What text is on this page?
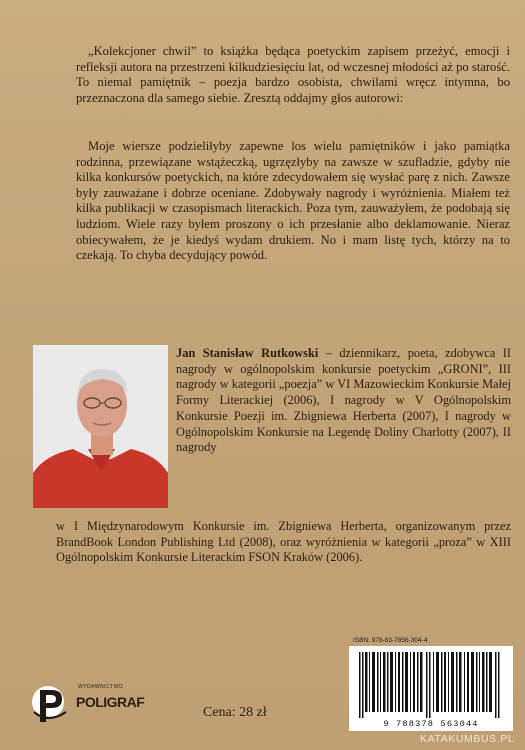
„Kolekcjoner chwil” to książka będąca poetyckim zapisem przeżyć, emocji i refleksji autora na przestrzeni kilkudziesięciu lat, od wczesnej młodości aż po starość. To niemal pamiętnik – poezja bardzo osobista, chwilami wręcz intymna, bo przeznaczona dla samego siebie. Zresztą oddajmy głos autorowi:

Moje wiersze podzieliłyby zapewne los wielu pamiętników i jako pamiątka rodzinna, przewiązane wstążeczką, ugrzęzłyby na zawsze w szufladzie, gdyby nie kilka konkursów poetyckich, na które zdecydowałem się wysłać parę z nich. Zawsze były zauważane i dobrze oceniane. Zdobywały nagrody i wyróżnienia. Miałem też kilka publikacji w czasopismach literackich. Poza tym, zauważyłem, że podobają się ludziom. Wiele razy byłem proszony o ich przesłanie albo deklamowanie. Nieraz obiecywałem, że je kiedyś wydam drukiem. No i mam listę tych, którzy na to czekają. To chyba decydujący powód.

Jan Stanisław Rutkowski – dziennikarz, poeta, zdobywca II nagrody w ogólnopolskim konkursie poetyckim „GRONI”, III nagrody w kategorii „poezja” w VI Mazowieckim Konkursie Małej Formy Literackiej (2006), I nagrody w V Ogólnopolskim Konkursie Poezji im. Zbigniewa Herberta (2007), I nagrody w Ogólnopolskim Konkursie na Legendę Doliny Charlotty (2007), II nagrody

w I Międzynarodowym Konkursie im. Zbigniewa Herberta, organizowanym przez BrandBook London Publishing Ltd (2008), oraz wyróżnienia w kategorii „proza” w XIII Ogólnopolskim Konkursie Literackim FSON Kraków (2006).

WYDAWNICTWO
POLIGRAF
Cena: 28 zł
ISBN: 978-83-7856-304-4
9 788378 563044
KATAKUMBUS.PL
